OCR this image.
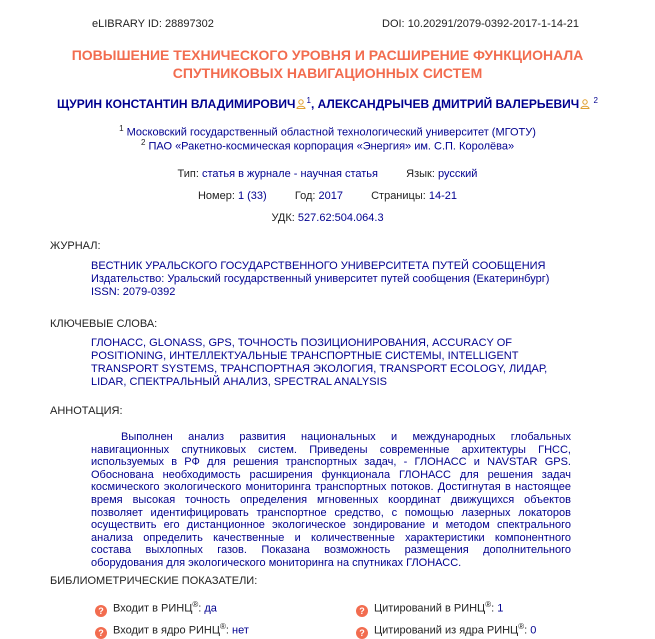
eLIBRARY ID: 28897302	DOI: 10.20291/2079-0392-2017-1-14-21
ПОВЫШЕНИЕ ТЕХНИЧЕСКОГО УРОВНЯ И РАСШИРЕНИЕ ФУНКЦИОНАЛА
СПУТНИКОВЫХ НАВИГАЦИОННЫХ СИСТЕМ
ЩУРИН КОНСТАНТИН ВЛАДИМИРОВИЧ $^1$, АЛЕКСАНДРЫЧЕВ ДМИТРИЙ ВАЛЕРЬЕВИЧ $^2$
$^1$ Московский государственный областной технологический университет (МГОТУ)
$^2$ ПАО «Ракетно-космическая корпорация «Энергия» им. С.П. Королёва»
Тип: статья в журнале - научная статья	Язык: русский
Номер: 1 (33)	Год: 2017	Страницы: 14-21
УДК: 527.62:504.064.3
ЖУРНАЛ:
ВЕСТНИК УРАЛЬСКОГО ГОСУДАРСТВЕННОГО УНИВЕРСИТЕТА ПУТЕЙ СООБЩЕНИЯ
Издательство: Уральский государственный университет путей сообщения (Екатеринбург)
ISSN: 2079-0392
КЛЮЧЕВЫЕ СЛОВА:
ГЛОНАСС, GLONASS, GPS, ТОЧНОСТЬ ПОЗИЦИОНИРОВАНИЯ, ACCURACY OF POSITIONING, ИНТЕЛЛЕКТУАЛЬНЫЕ ТРАНСПОРТНЫЕ СИСТЕМЫ, INTELLIGENT TRANSPORT SYSTEMS, ТРАНСПОРТНАЯ ЭКОЛОГИЯ, TRANSPORT ECOLOGY, ЛИДАР, LIDAR, СПЕКТРАЛЬНЫЙ АНАЛИЗ, SPECTRAL ANALYSIS
АННОТАЦИЯ:
Выполнен анализ развития национальных и международных глобальных навигационных спутниковых систем. Приведены современные архитектуры ГНСС, используемых в РФ для решения транспортных задач, - ГЛОНАСС и NAVSTAR GPS. Обоснована необходимость расширения функционала ГЛОНАСС для решения задач космического экологического мониторинга транспортных потоков. Достигнутая в настоящее время высокая точность определения мгновенных координат движущихся объектов позволяет идентифицировать транспортное средство, с помощью лазерных локаторов осуществить его дистанционное экологическое зондирование и методом спектрального анализа определить качественные и количественные характеристики компонентного состава выхлопных газов. Показана возможность размещения дополнительного оборудования для экологического мониторинга на спутниках ГЛОНАСС.
БИБЛИОМЕТРИЧЕСКИЕ ПОКАЗАТЕЛИ:
? Входит в РИНЦ®: да	? Цитирований в РИНЦ®: 1
? Входит в ядро РИНЦ®: нет	? Цитирований из ядра РИНЦ®: 0
